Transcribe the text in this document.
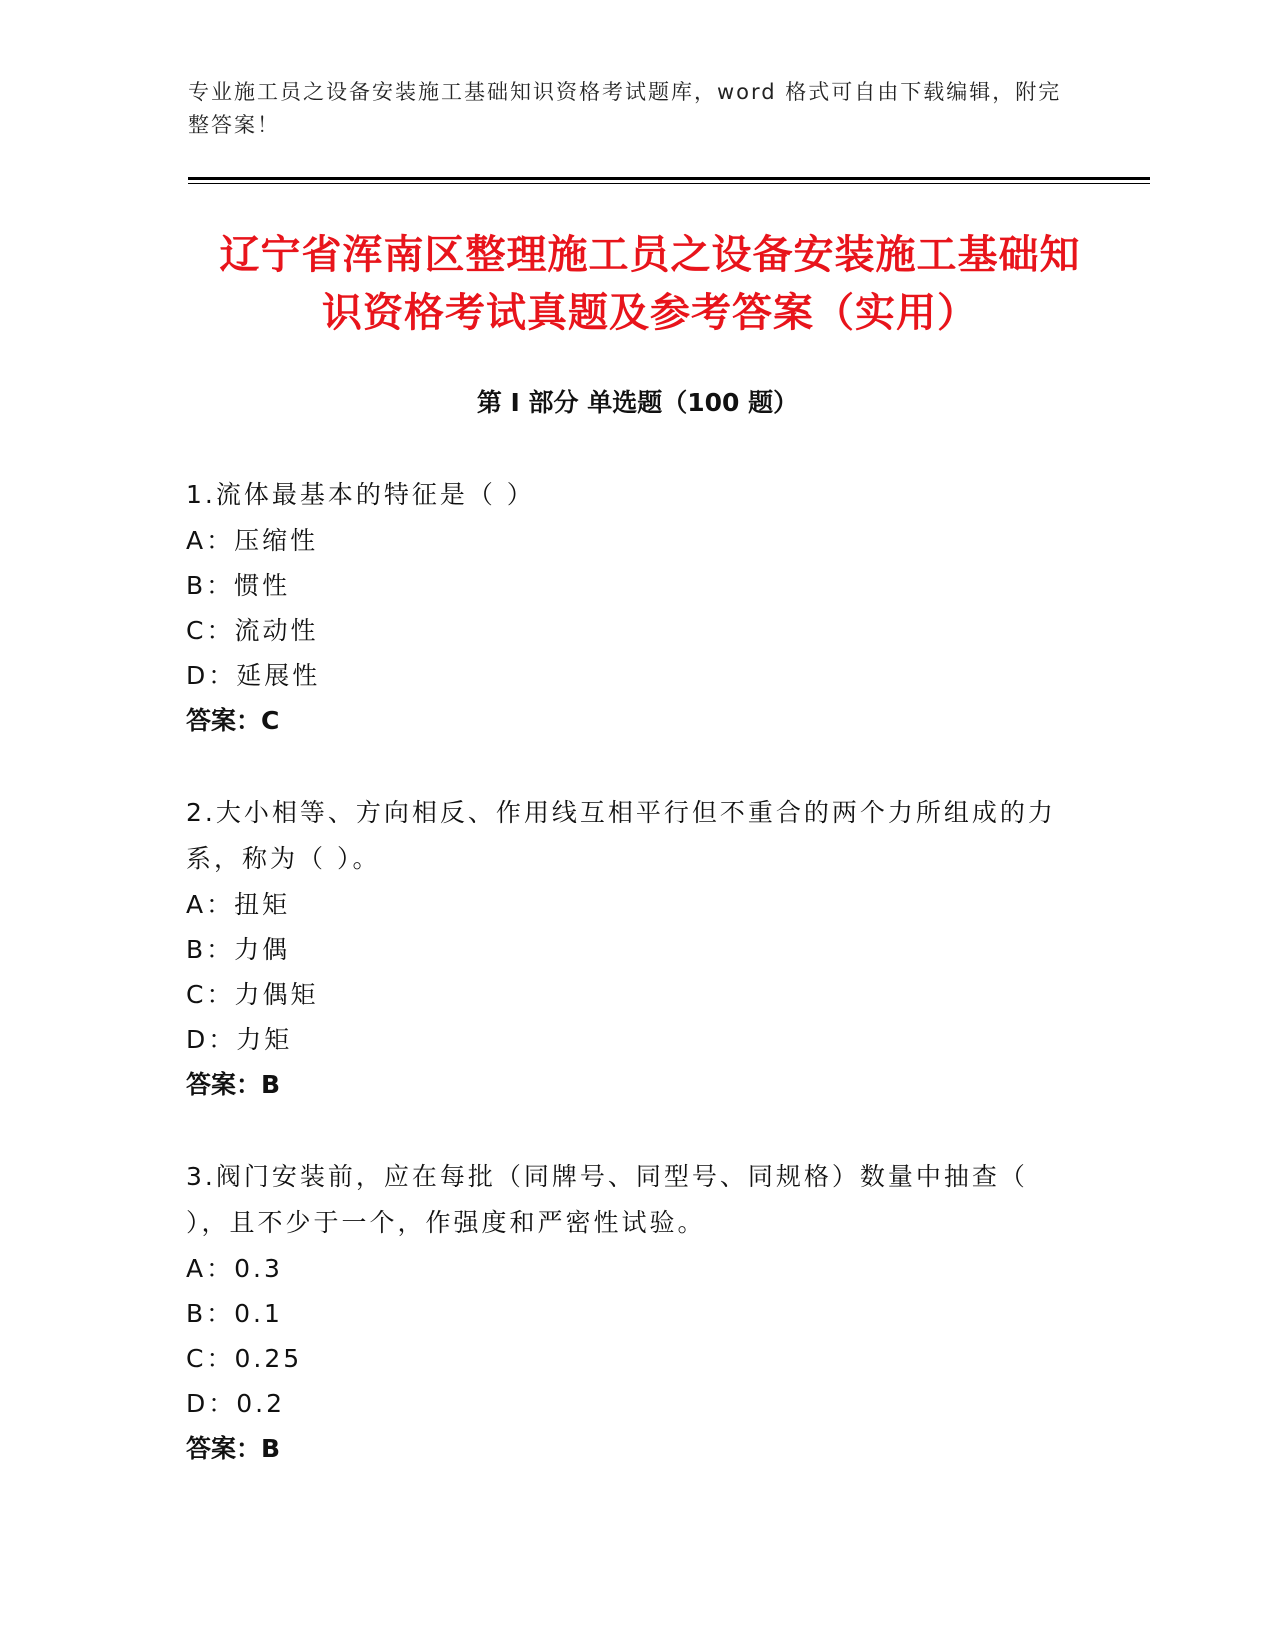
专业施工员之设备安装施工基础知识资格考试题库，word 格式可自由下载编辑，附完整答案！
辽宁省浑南区整理施工员之设备安装施工基础知识资格考试真题及参考答案（实用）
第 I 部分 单选题（100 题）

1.流体最基本的特征是（ ）

A：压缩性

B：惯性

C：流动性

D：延展性

答案：C

2.大小相等、方向相反、作用线互相平行但不重合的两个力所组成的力系，称为（ ）。

A：扭矩

B：力偶

C：力偶矩

D：力矩

答案：B

3.阀门安装前，应在每批（同牌号、同型号、同规格）数量中抽查（ ），且不少于一个，作强度和严密性试验。

A：0.3

B：0.1

C：0.25

D：0.2

答案：B
